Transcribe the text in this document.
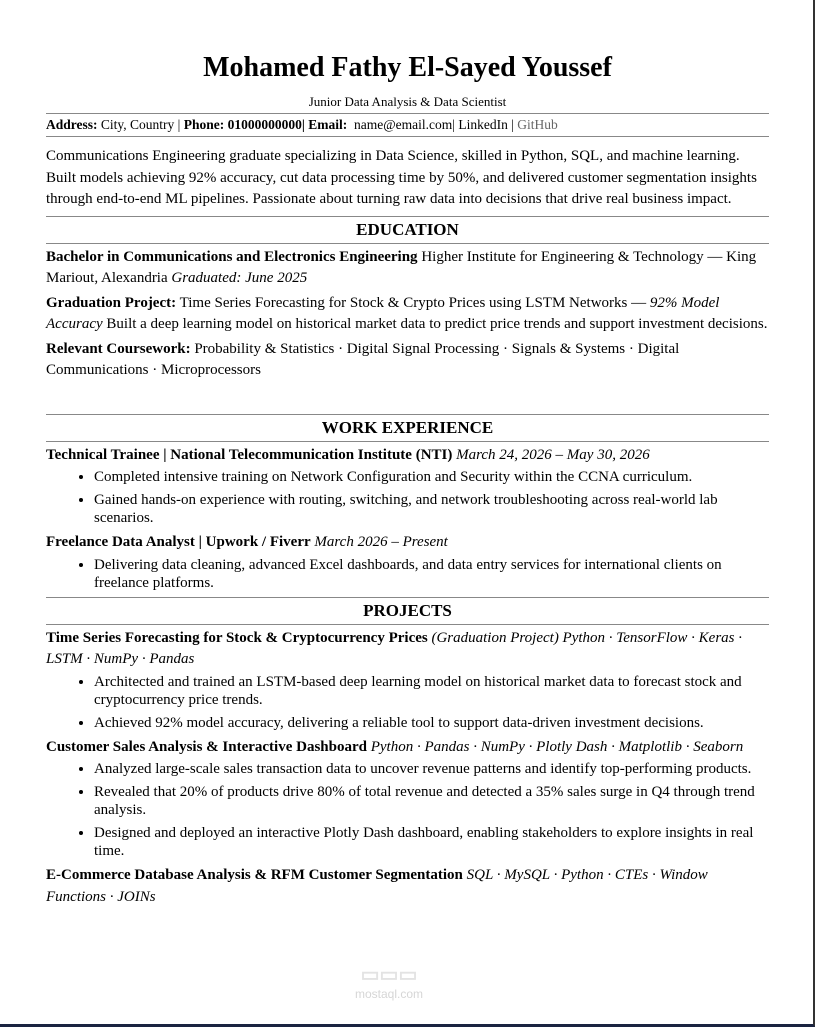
Mohamed Fathy El-Sayed Youssef
Junior Data Analysis & Data Scientist
Address: City, Country | Phone: 01000000000| Email: name@email.com| LinkedIn | GitHub

Communications Engineering graduate specializing in Data Science, skilled in Python, SQL, and machine learning. Built models achieving 92% accuracy, cut data processing time by 50%, and delivered customer segmentation insights through end-to-end ML pipelines. Passionate about turning raw data into decisions that drive real business impact.

EDUCATION

Bachelor in Communications and Electronics Engineering Higher Institute for Engineering & Technology — King Mariout, Alexandria Graduated: June 2025

Graduation Project: Time Series Forecasting for Stock & Crypto Prices using LSTM Networks — 92% Model Accuracy Built a deep learning model on historical market data to predict price trends and support investment decisions.

Relevant Coursework: Probability & Statistics · Digital Signal Processing · Signals & Systems · Digital Communications · Microprocessors

WORK EXPERIENCE

Technical Trainee | National Telecommunication Institute (NTI) March 24, 2026 – May 30, 2026

• Completed intensive training on Network Configuration and Security within the CCNA curriculum.
• Gained hands-on experience with routing, switching, and network troubleshooting across real-world lab scenarios.

Freelance Data Analyst | Upwork / Fiverr March 2026 – Present

• Delivering data cleaning, advanced Excel dashboards, and data entry services for international clients on freelance platforms.
PROJECTS

Time Series Forecasting for Stock & Cryptocurrency Prices (Graduation Project) Python · TensorFlow · Keras · LSTM · NumPy · Pandas

• Architected and trained an LSTM-based deep learning model on historical market data to forecast stock and cryptocurrency price trends.
• Achieved 92% model accuracy, delivering a reliable tool to support data-driven investment decisions.

Customer Sales Analysis & Interactive Dashboard Python · Pandas · NumPy · Plotly Dash · Matplotlib · Seaborn

• Analyzed large-scale sales transaction data to uncover revenue patterns and identify top-performing products.
• Revealed that 20% of products drive 80% of total revenue and detected a 35% sales surge in Q4 through trend analysis.
• Designed and deployed an interactive Plotly Dash dashboard, enabling stakeholders to explore insights in real time.

E-Commerce Database Analysis & RFM Customer Segmentation SQL · MySQL · Python · CTEs · Window Functions · JOINs

▭▭▭
mostaql.com
